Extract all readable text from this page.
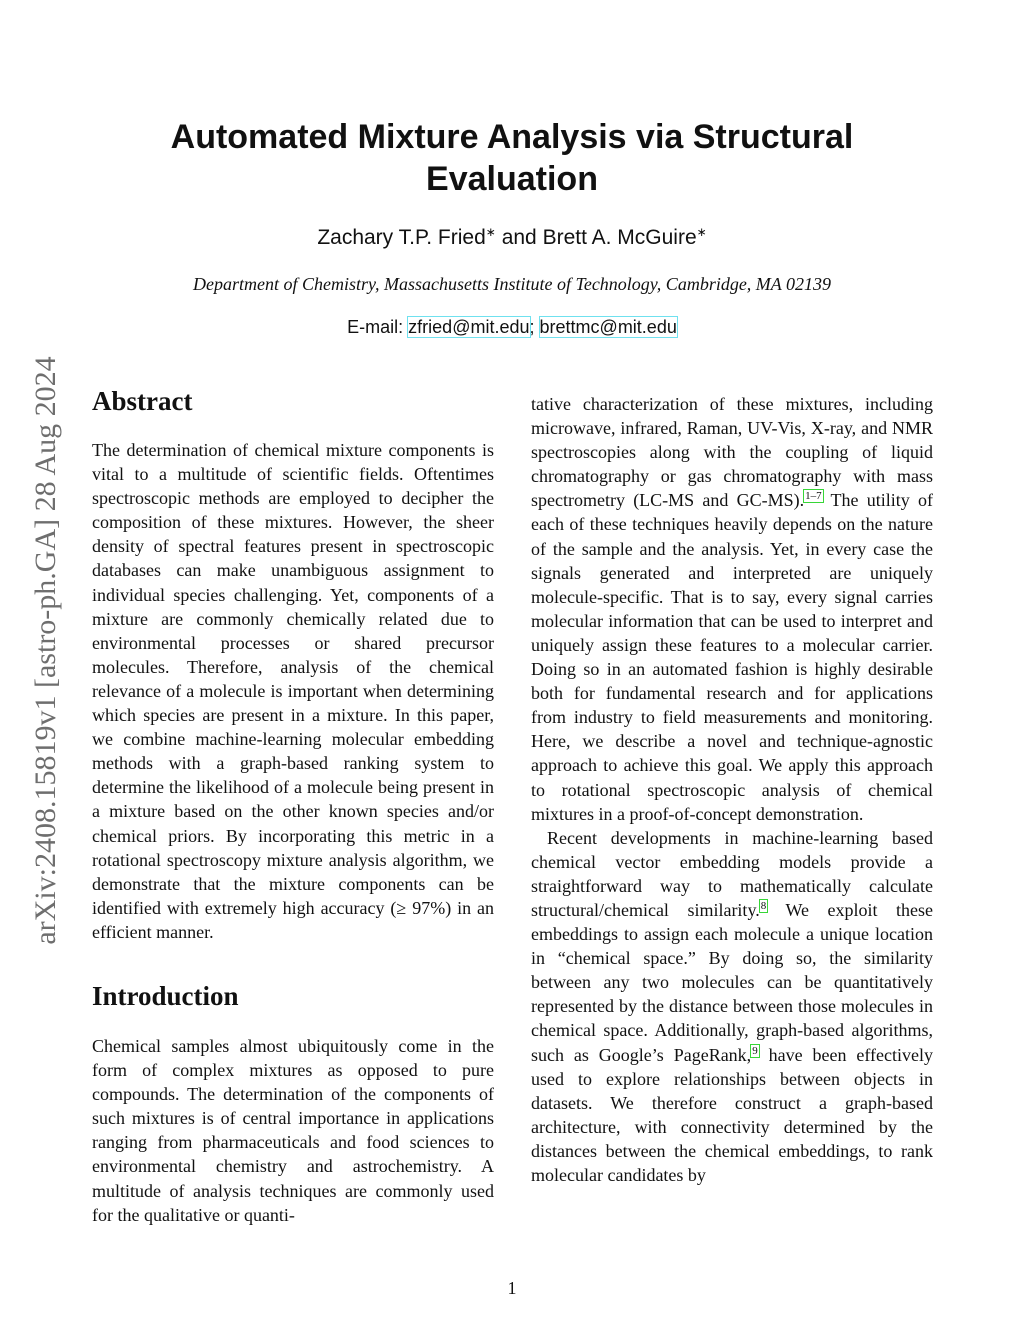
arXiv:2408.15819v1 [astro-ph.GA] 28 Aug 2024
Automated Mixture Analysis via Structural Evaluation
Zachary T.P. Fried∗ and Brett A. McGuire∗
Department of Chemistry, Massachusetts Institute of Technology, Cambridge, MA 02139
E-mail: zfried@mit.edu; brettmc@mit.edu
Abstract

The determination of chemical mixture components is vital to a multitude of scientific fields. Oftentimes spectroscopic methods are employed to decipher the composition of these mixtures. However, the sheer density of spectral features present in spectroscopic databases can make unambiguous assignment to individual species challenging. Yet, components of a mixture are commonly chemically related due to environmental processes or shared precursor molecules. Therefore, analysis of the chemical relevance of a molecule is important when determining which species are present in a mixture. In this paper, we combine machine-learning molecular embedding methods with a graph-based ranking system to determine the likelihood of a molecule being present in a mixture based on the other known species and/or chemical priors. By incorporating this metric in a rotational spectroscopy mixture analysis algorithm, we demonstrate that the mixture components can be identified with extremely high accuracy (≥ 97%) in an efficient manner.

Introduction

Chemical samples almost ubiquitously come in the form of complex mixtures as opposed to pure compounds. The determination of the components of such mixtures is of central importance in applications ranging from pharmaceuticals and food sciences to environmental chemistry and astrochemistry. A multitude of analysis techniques are commonly used for the qualitative or quanti-

tative characterization of these mixtures, including microwave, infrared, Raman, UV-Vis, X-ray, and NMR spectroscopies along with the coupling of liquid chromatography or gas chromatography with mass spectrometry (LC-MS and GC-MS).$^{1-7}$ The utility of each of these techniques heavily depends on the nature of the sample and the analysis. Yet, in every case the signals generated and interpreted are uniquely molecule-specific. That is to say, every signal carries molecular information that can be used to interpret and uniquely assign these features to a molecular carrier. Doing so in an automated fashion is highly desirable both for fundamental research and for applications from industry to field measurements and monitoring. Here, we describe a novel and technique-agnostic approach to achieve this goal. We apply this approach to rotational spectroscopic analysis of chemical mixtures in a proof-of-concept demonstration.

Recent developments in machine-learning based chemical vector embedding models provide a straightforward way to mathematically calculate structural/chemical similarity.$^8$ We exploit these embeddings to assign each molecule a unique location in “chemical space.” By doing so, the similarity between any two molecules can be quantitatively represented by the distance between those molecules in chemical space. Additionally, graph-based algorithms, such as Google’s PageRank,$^9$ have been effectively used to explore relationships between objects in datasets. We therefore construct a graph-based architecture, with connectivity determined by the distances between the chemical embeddings, to rank molecular candidates by

1
